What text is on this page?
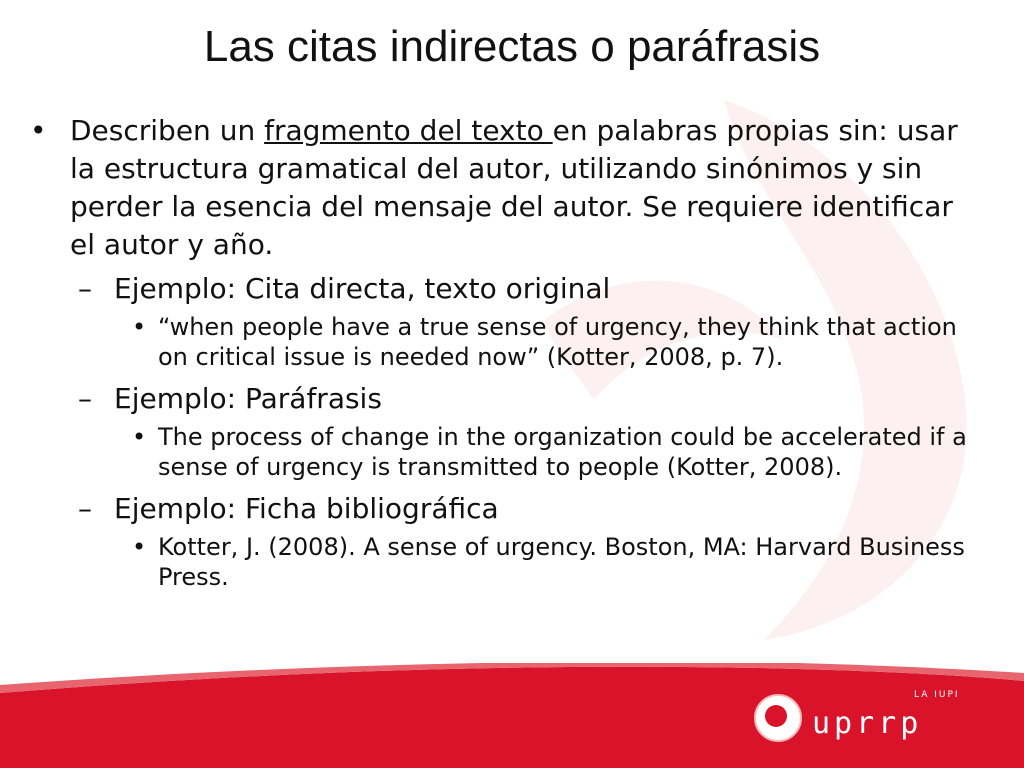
Las citas indirectas o paráfrasis
• Describen un fragmento del texto en palabras propias sin: usar la estructura gramatical del autor, utilizando sinónimos y sin perder la esencia del mensaje del autor. Se requiere identificar el autor y año.
– Ejemplo: Cita directa, texto original
• “when people have a true sense of urgency, they think that action on critical issue is needed now” (Kotter, 2008, p. 7).
– Ejemplo: Paráfrasis
• The process of change in the organization could be accelerated if a sense of urgency is transmitted to people (Kotter, 2008).
– Ejemplo: Ficha bibliográfica
• Kotter, J. (2008). A sense of urgency. Boston, MA: Harvard Business Press.
LA IUPI
uprrp
